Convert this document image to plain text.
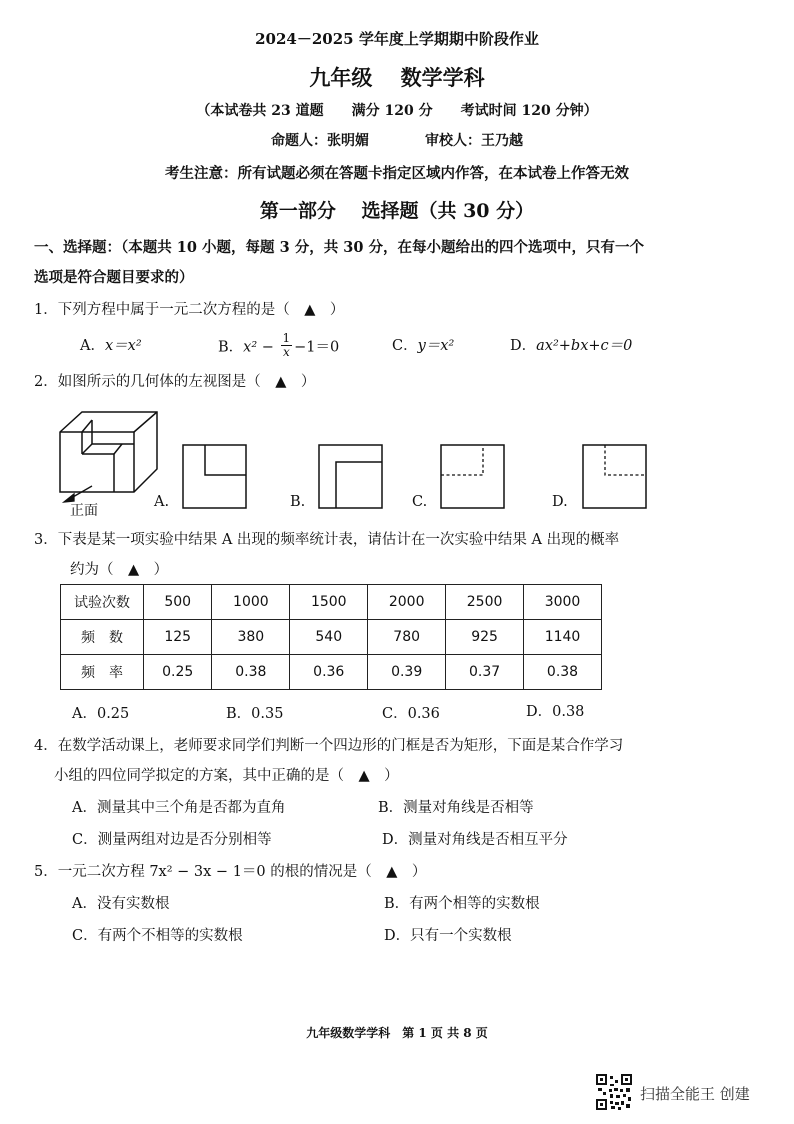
2024－2025 学年度上学期期中阶段作业
九年级　 数学学科
（本试卷共 23 道题　　满分 120 分　　考试时间 120 分钟）
命题人：张明媚　　　　审校人：王乃越
考生注意：所有试题必须在答题卡指定区域内作答，在本试卷上作答无效
第一部分　 选择题（共 30 分）
一、选择题：（本题共 10 小题，每题 3 分，共 30 分，在每小题给出的四个选项中，只有一个
选项是符合题目要求的）
1．下列方程中属于一元二次方程的是（　▲　）
A．x＝x²	B．$x^2 - \frac{1}{x} -1=0$	C．y＝x²	D．ax²+bx+c＝0
2．如图所示的几何体的左视图是（　▲　）
正面
A.	B.	C.	D.
3．下表是某一项实验中结果 A 出现的频率统计表，请估计在一次实验中结果 A 出现的概率
约为（　▲　）
试验次数	500	1000	1500	2000	2500	3000
频　数	125	380	540	780	925	1140
频　率	0.25	0.38	0.36	0.39	0.37	0.38
A．0.25	B．0.35	C．0.36	D．0.38
4．在数学活动课上，老师要求同学们判断一个四边形的门框是否为矩形，下面是某合作学习
小组的四位同学拟定的方案，其中正确的是（　▲　）
A．测量其中三个角是否都为直角	B．测量对角线是否相等
C．测量两组对边是否分别相等	D．测量对角线是否相互平分
5．一元二次方程 7x² − 3x − 1＝0 的根的情况是（　▲　）
A．没有实数根	B．有两个相等的实数根
C．有两个不相等的实数根	D．只有一个实数根
九年级数学学科　第 1 页 共 8 页
扫描全能王 创建
